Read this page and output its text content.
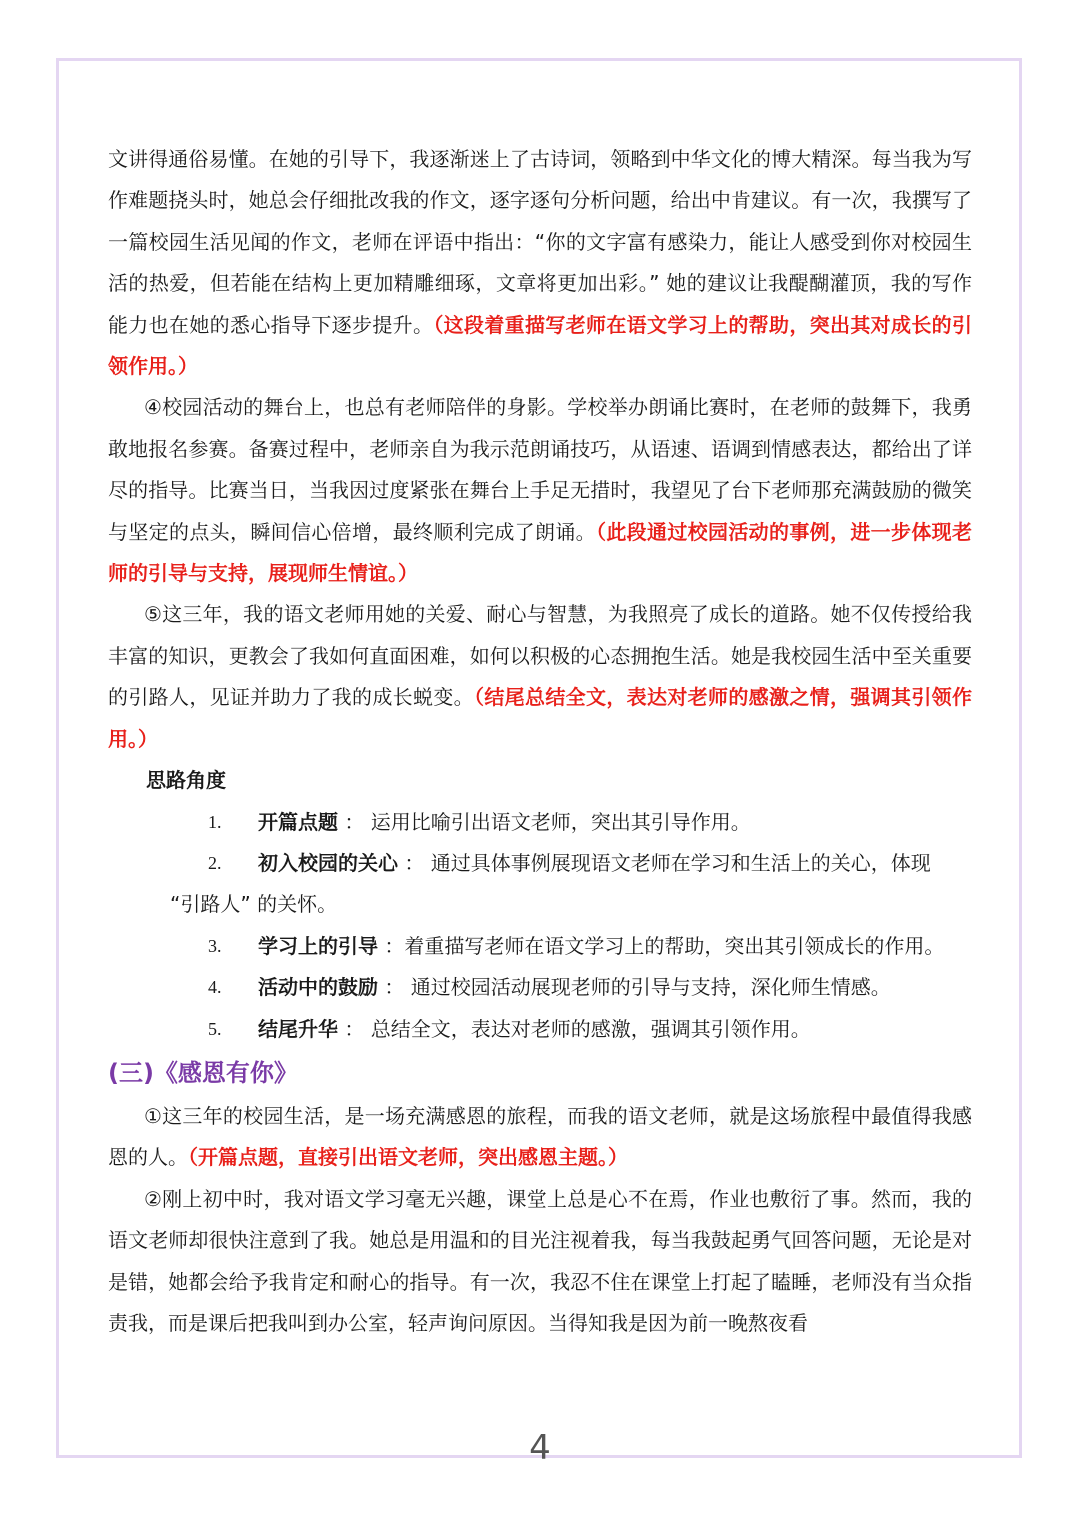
文讲得通俗易懂。在她的引导下，我逐渐迷上了古诗词，领略到中华文化的博大精深。每当我为写作难题挠头时，她总会仔细批改我的作文，逐字逐句分析问题，给出中肯建议。有一次，我撰写了一篇校园生活见闻的作文，老师在评语中指出：“你的文字富有感染力，能让人感受到你对校园生活的热爱，但若能在结构上更加精雕细琢，文章将更加出彩。” 她的建议让我醍醐灌顶，我的写作能力也在她的悉心指导下逐步提升。（这段着重描写老师在语文学习上的帮助，突出其对成长的引领作用。）

④校园活动的舞台上，也总有老师陪伴的身影。学校举办朗诵比赛时，在老师的鼓舞下，我勇敢地报名参赛。备赛过程中，老师亲自为我示范朗诵技巧，从语速、语调到情感表达，都给出了详尽的指导。比赛当日，当我因过度紧张在舞台上手足无措时，我望见了台下老师那充满鼓励的微笑与坚定的点头，瞬间信心倍增，最终顺利完成了朗诵。（此段通过校园活动的事例，进一步体现老师的引导与支持，展现师生情谊。）

⑤这三年，我的语文老师用她的关爱、耐心与智慧，为我照亮了成长的道路。她不仅传授给我丰富的知识，更教会了我如何直面困难，如何以积极的心态拥抱生活。她是我校园生活中至关重要的引路人，见证并助力了我的成长蜕变。（结尾总结全文，表达对老师的感激之情，强调其引领作用。）

思路角度

1. 开篇点题 ： 运用比喻引出语文老师，突出其引导作用。
2. 初入校园的关心 ： 通过具体事例展现语文老师在学习和生活上的关心，体现
“引路人” 的关怀。
3. 学习上的引导 ：着重描写老师在语文学习上的帮助，突出其引领成长的作用。
4. 活动中的鼓励 ： 通过校园活动展现老师的引导与支持，深化师生情感。
5. 结尾升华 ： 总结全文，表达对老师的感激，强调其引领作用。

(三)《感恩有你》

①这三年的校园生活，是一场充满感恩的旅程，而我的语文老师，就是这场旅程中最值得我感恩的人。（开篇点题，直接引出语文老师，突出感恩主题。）

②刚上初中时，我对语文学习毫无兴趣，课堂上总是心不在焉，作业也敷衍了事。然而，我的语文老师却很快注意到了我。她总是用温和的目光注视着我，每当我鼓起勇气回答问题，无论是对是错，她都会给予我肯定和耐心的指导。有一次，我忍不住在课堂上打起了瞌睡，老师没有当众指责我，而是课后把我叫到办公室，轻声询问原因。当得知我是因为前一晚熬夜看

4
